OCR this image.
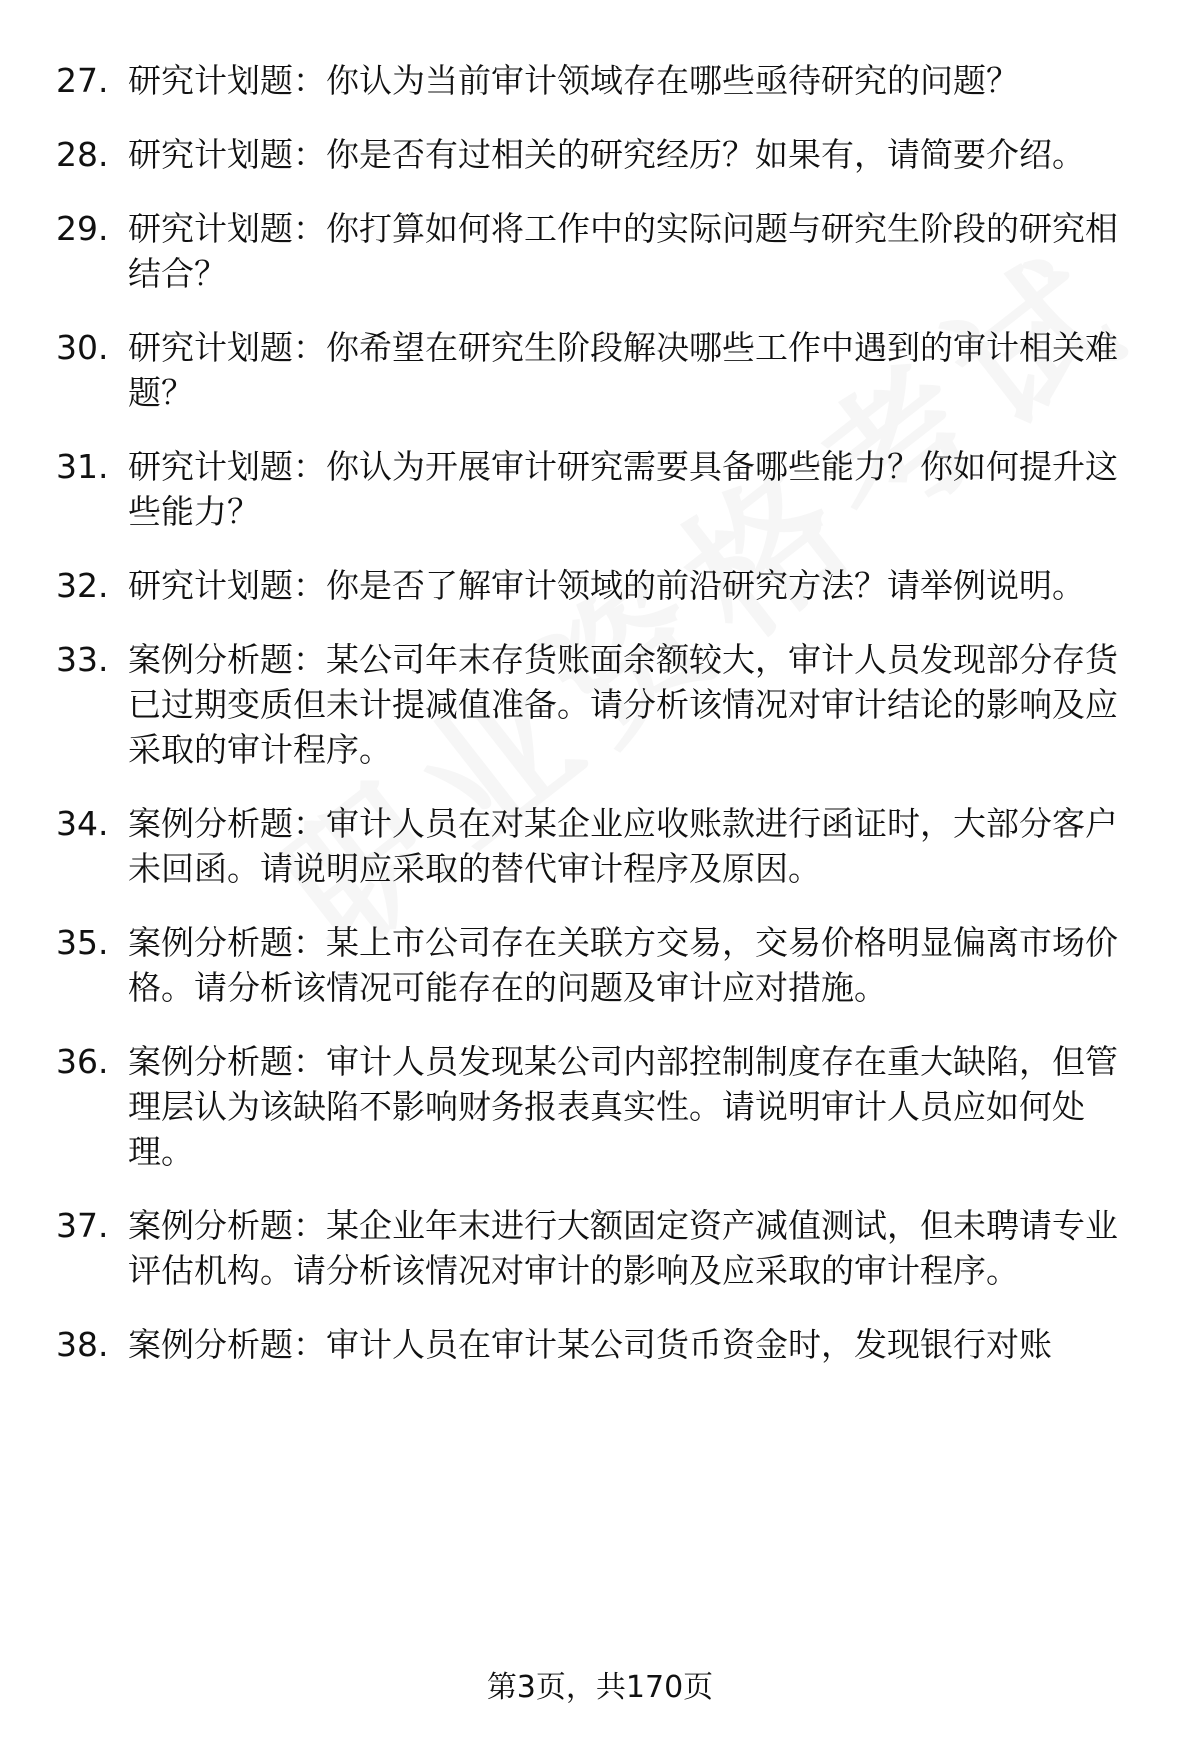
27. 研究计划题：你认为当前审计领域存在哪些亟待研究的问题？
28. 研究计划题：你是否有过相关的研究经历？如果有，请简要介绍。
29. 研究计划题：你打算如何将工作中的实际问题与研究生阶段的研究相结合？
30. 研究计划题：你希望在研究生阶段解决哪些工作中遇到的审计相关难题？
31. 研究计划题：你认为开展审计研究需要具备哪些能力？你如何提升这些能力？
32. 研究计划题：你是否了解审计领域的前沿研究方法？请举例说明。
33. 案例分析题：某公司年末存货账面余额较大，审计人员发现部分存货已过期变质但未计提减值准备。请分析该情况对审计结论的影响及应采取的审计程序。
34. 案例分析题：审计人员在对某企业应收账款进行函证时，大部分客户未回函。请说明应采取的替代审计程序及原因。
35. 案例分析题：某上市公司存在关联方交易，交易价格明显偏离市场价格。请分析该情况可能存在的问题及审计应对措施。
36. 案例分析题：审计人员发现某公司内部控制制度存在重大缺陷，但管理层认为该缺陷不影响财务报表真实性。请说明审计人员应如何处理。
37. 案例分析题：某企业年末进行大额固定资产减值测试，但未聘请专业评估机构。请分析该情况对审计的影响及应采取的审计程序。
38. 案例分析题：审计人员在审计某公司货币资金时，发现银行对账
第3页，共170页
